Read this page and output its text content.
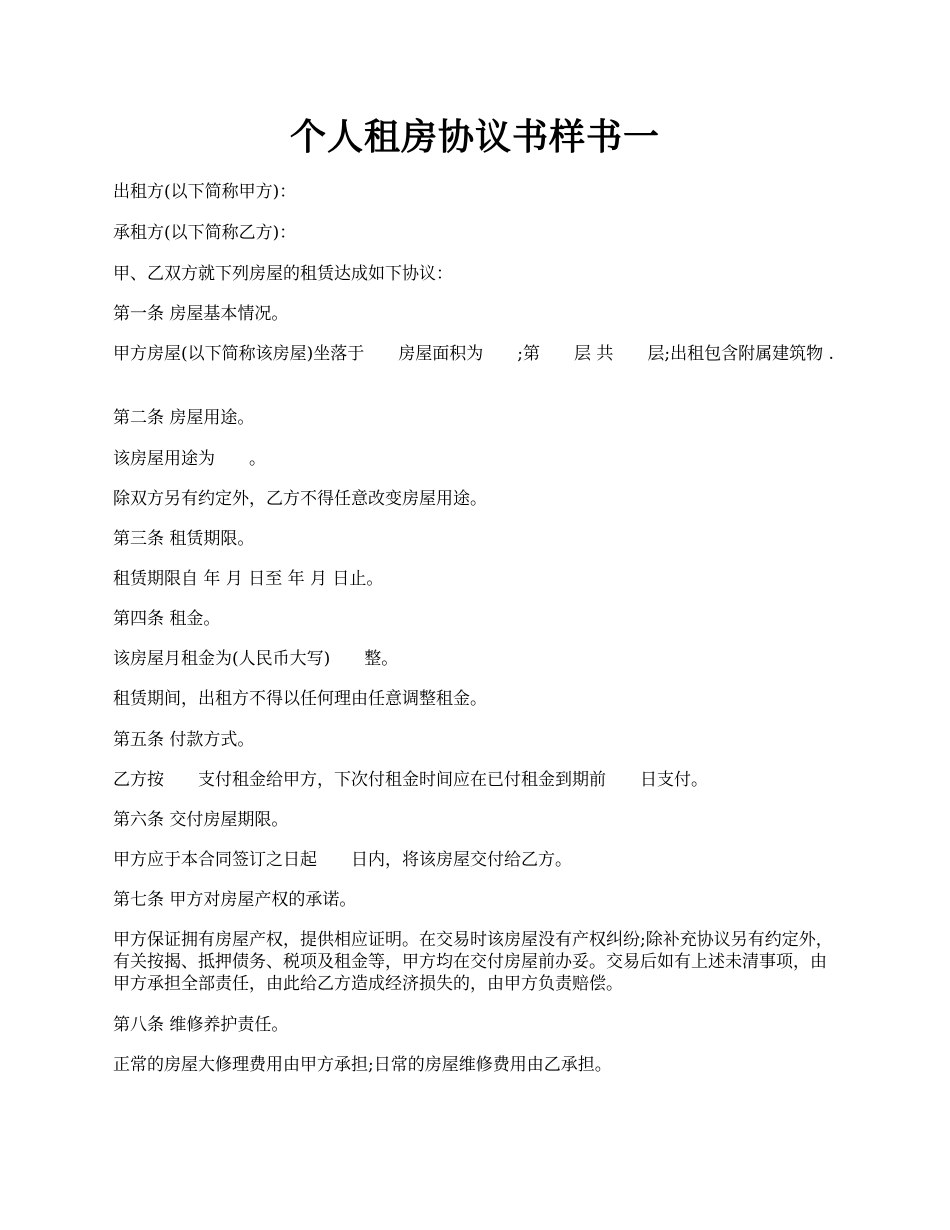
个人租房协议书样书一

出租方(以下简称甲方)：

承租方(以下简称乙方)：

甲、乙双方就下列房屋的租赁达成如下协议：

第一条 房屋基本情况。

甲方房屋(以下简称该房屋)坐落于　　房屋面积为　　;第　　层 共　　层;出租包含附属建筑物 .

第二条 房屋用途。

该房屋用途为　　。

除双方另有约定外，乙方不得任意改变房屋用途。

第三条 租赁期限。

租赁期限自 年 月 日至 年 月 日止。

第四条 租金。

该房屋月租金为(人民币大写)　　整。

租赁期间，出租方不得以任何理由任意调整租金。

第五条 付款方式。

乙方按　　支付租金给甲方，下次付租金时间应在已付租金到期前　　日支付。

第六条 交付房屋期限。

甲方应于本合同签订之日起　　日内，将该房屋交付给乙方。

第七条 甲方对房屋产权的承诺。

甲方保证拥有房屋产权，提供相应证明。在交易时该房屋没有产权纠纷;除补充协议另有约定外，有关按揭、抵押债务、税项及租金等，甲方均在交付房屋前办妥。交易后如有上述未清事项，由甲方承担全部责任，由此给乙方造成经济损失的，由甲方负责赔偿。

第八条 维修养护责任。

正常的房屋大修理费用由甲方承担;日常的房屋维修费用由乙承担。
